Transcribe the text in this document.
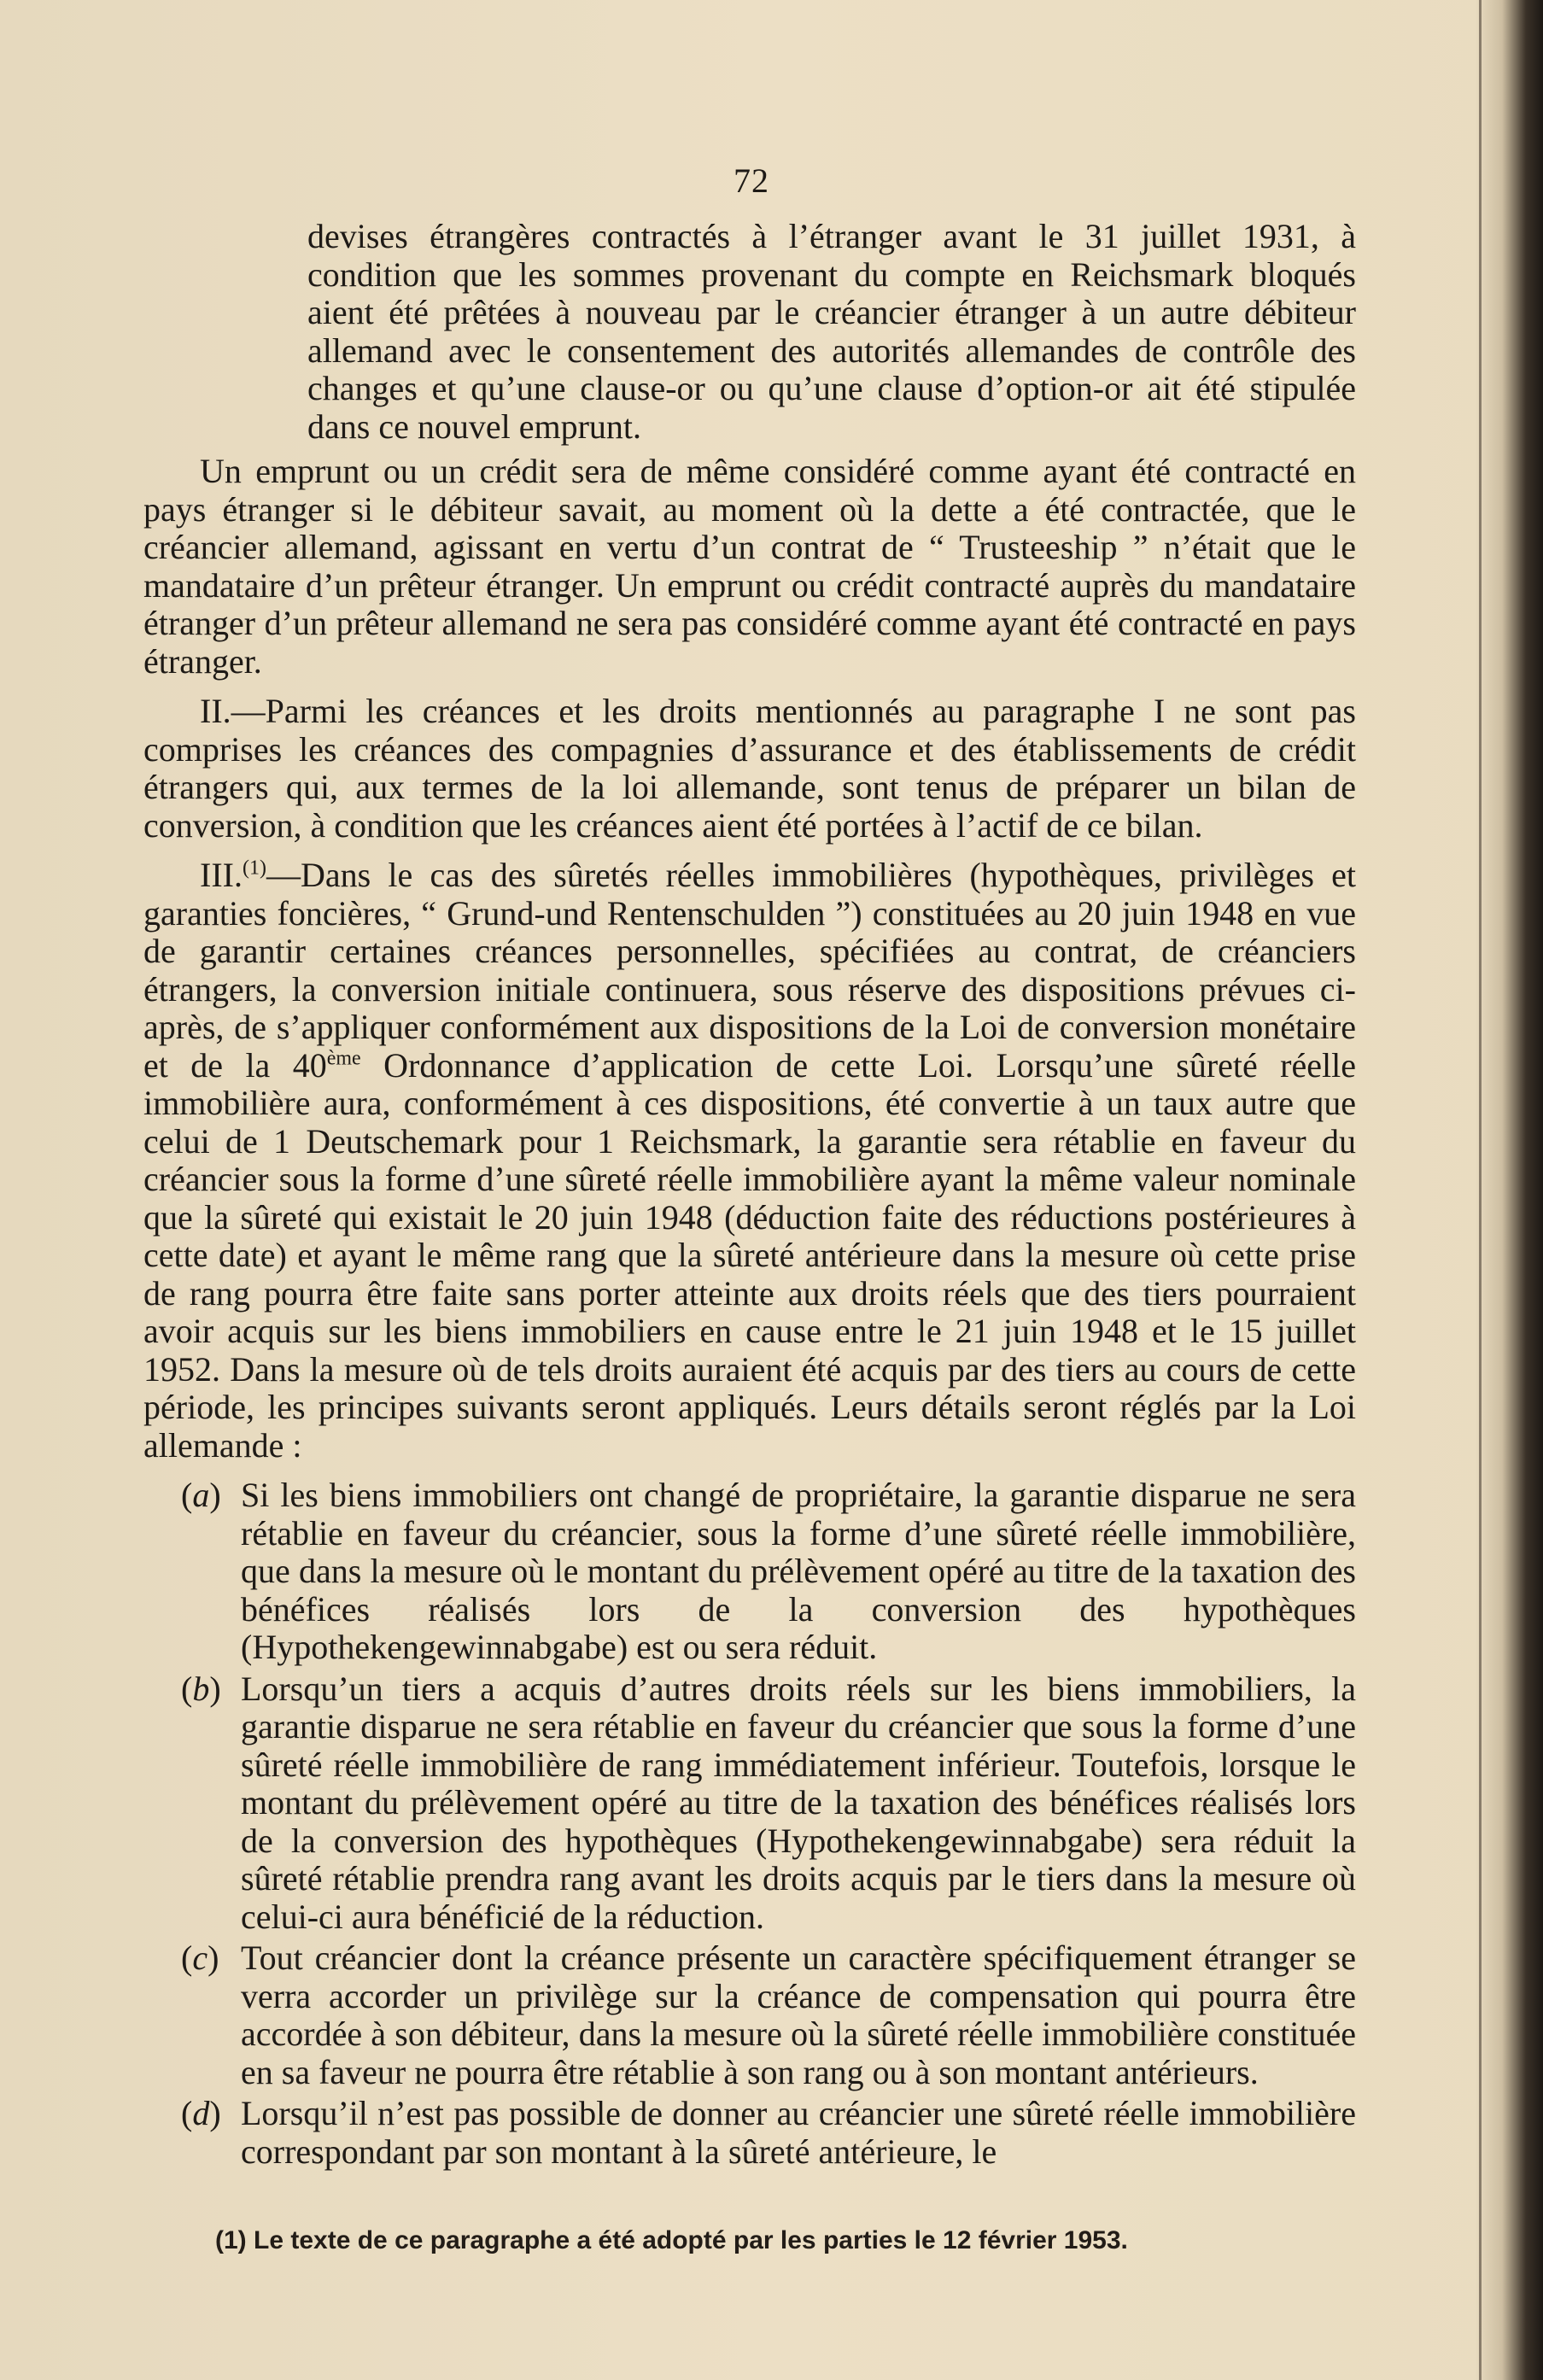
72

devises étrangères contractés à l’étranger avant le 31 juillet 1931, à condition que les sommes provenant du compte en Reichsmark bloqués aient été prêtées à nouveau par le créancier étranger à un autre débiteur allemand avec le consentement des autorités allemandes de contrôle des changes et qu’une clause-or ou qu’une clause d’option-or ait été stipulée dans ce nouvel emprunt.

Un emprunt ou un crédit sera de même considéré comme ayant été contracté en pays étranger si le débiteur savait, au moment où la dette a été contractée, que le créancier allemand, agissant en vertu d’un contrat de “ Trusteeship ” n’était que le mandataire d’un prêteur étranger. Un emprunt ou crédit contracté auprès du mandataire étranger d’un prêteur allemand ne sera pas considéré comme ayant été contracté en pays étranger.

II.—Parmi les créances et les droits mentionnés au paragraphe I ne sont pas comprises les créances des compagnies d’assurance et des établissements de crédit étrangers qui, aux termes de la loi allemande, sont tenus de préparer un bilan de conversion, à condition que les créances aient été portées à l’actif de ce bilan.

III.$^{(1)}$—Dans le cas des sûretés réelles immobilières (hypothèques, privilèges et garanties foncières, “ Grund-und Rentenschulden ”) constituées au 20 juin 1948 en vue de garantir certaines créances personnelles, spécifiées au contrat, de créanciers étrangers, la conversion initiale continuera, sous réserve des dispositions prévues ci-après, de s’appliquer conformément aux dispositions de la Loi de conversion monétaire et de la 40ème Ordonnance d’application de cette Loi. Lorsqu’une sûreté réelle immobilière aura, conformément à ces dispositions, été convertie à un taux autre que celui de 1 Deutschemark pour 1 Reichsmark, la garantie sera rétablie en faveur du créancier sous la forme d’une sûreté réelle immobilière ayant la même valeur nominale que la sûreté qui existait le 20 juin 1948 (déduction faite des réductions postérieures à cette date) et ayant le même rang que la sûreté antérieure dans la mesure où cette prise de rang pourra être faite sans porter atteinte aux droits réels que des tiers pourraient avoir acquis sur les biens immobiliers en cause entre le 21 juin 1948 et le 15 juillet 1952. Dans la mesure où de tels droits auraient été acquis par des tiers au cours de cette période, les principes suivants seront appliqués. Leurs détails seront réglés par la Loi allemande :

(a) Si les biens immobiliers ont changé de propriétaire, la garantie disparue ne sera rétablie en faveur du créancier, sous la forme d’une sûreté réelle immobilière, que dans la mesure où le montant du prélèvement opéré au titre de la taxation des bénéfices réalisés lors de la conversion des hypothèques (Hypothekengewinnabgabe) est ou sera réduit.
(b) Lorsqu’un tiers a acquis d’autres droits réels sur les biens immobiliers, la garantie disparue ne sera rétablie en faveur du créancier que sous la forme d’une sûreté réelle immobilière de rang immédiatement inférieur. Toutefois, lorsque le montant du prélèvement opéré au titre de la taxation des bénéfices réalisés lors de la conversion des hypothèques (Hypothekengewinnabgabe) sera réduit la sûreté rétablie prendra rang avant les droits acquis par le tiers dans la mesure où celui-ci aura bénéficié de la réduction.
(c) Tout créancier dont la créance présente un caractère spécifiquement étranger se verra accorder un privilège sur la créance de compensation qui pourra être accordée à son débiteur, dans la mesure où la sûreté réelle immobilière constituée en sa faveur ne pourra être rétablie à son rang ou à son montant antérieurs.
(d) Lorsqu’il n’est pas possible de donner au créancier une sûreté réelle immobilière correspondant par son montant à la sûreté antérieure, le
(1) Le texte de ce paragraphe a été adopté par les parties le 12 février 1953.
